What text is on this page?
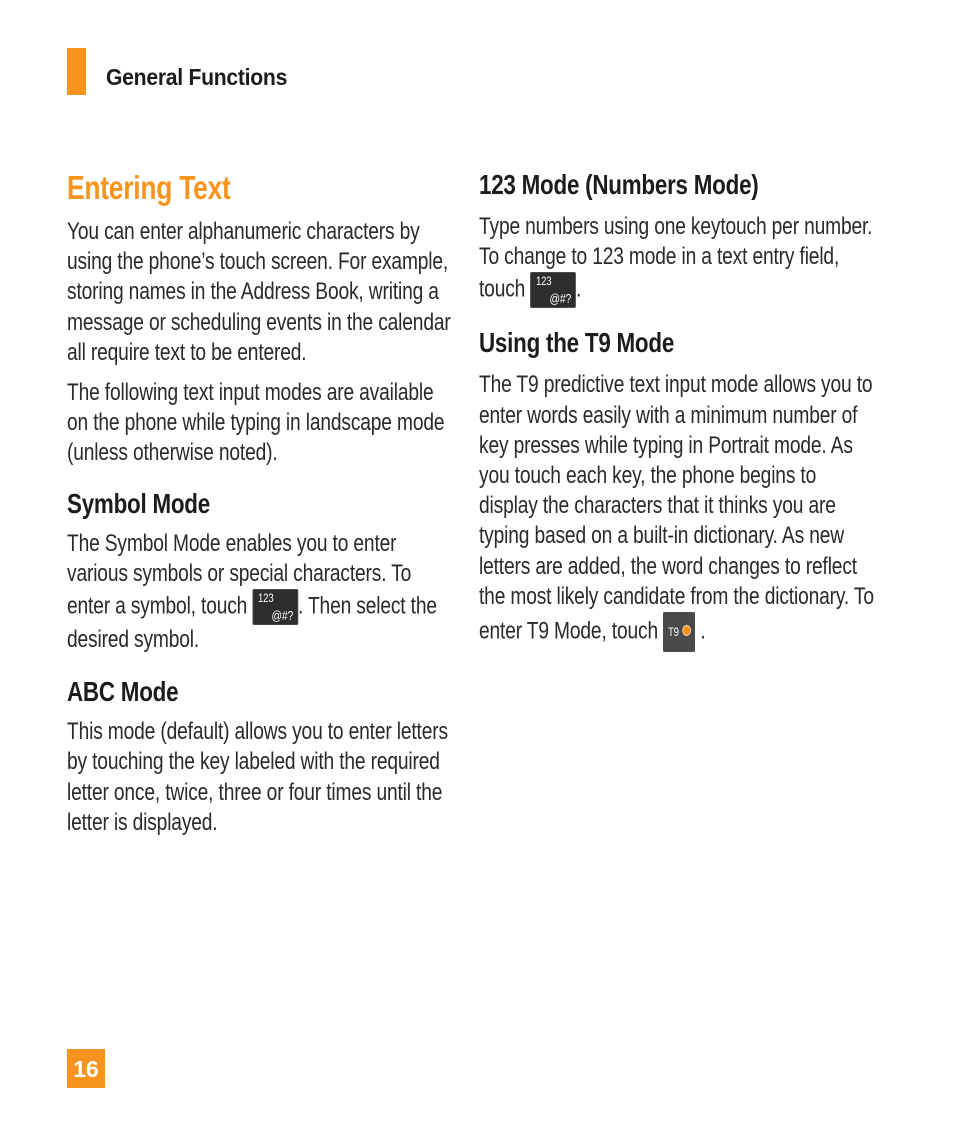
General Functions
Entering Text

You can enter alphanumeric characters by using the phone’s touch screen. For example, storing names in the Address Book, writing a message or scheduling events in the calendar all require text to be entered.

The following text input modes are available on the phone while typing in landscape mode (unless otherwise noted).

Symbol Mode

The Symbol Mode enables you to enter various symbols or special characters. To enter a symbol, touch 123
@#? . Then select the desired symbol.

ABC Mode

This mode (default) allows you to enter letters by touching the key labeled with the required letter once, twice, three or four times until the letter is displayed.

123 Mode (Numbers Mode)

Type numbers using one keytouch per number. To change to 123 mode in a text entry field, touch 123
@#? .

Using the T9 Mode

The T9 predictive text input mode allows you to enter words easily with a minimum number of key presses while typing in Portrait mode. As you touch each key, the phone begins to display the characters that it thinks you are typing based on a built-in dictionary. As new letters are added, the word changes to reflect the most likely candidate from the dictionary. To enter T9 Mode, touch T9 .

16
